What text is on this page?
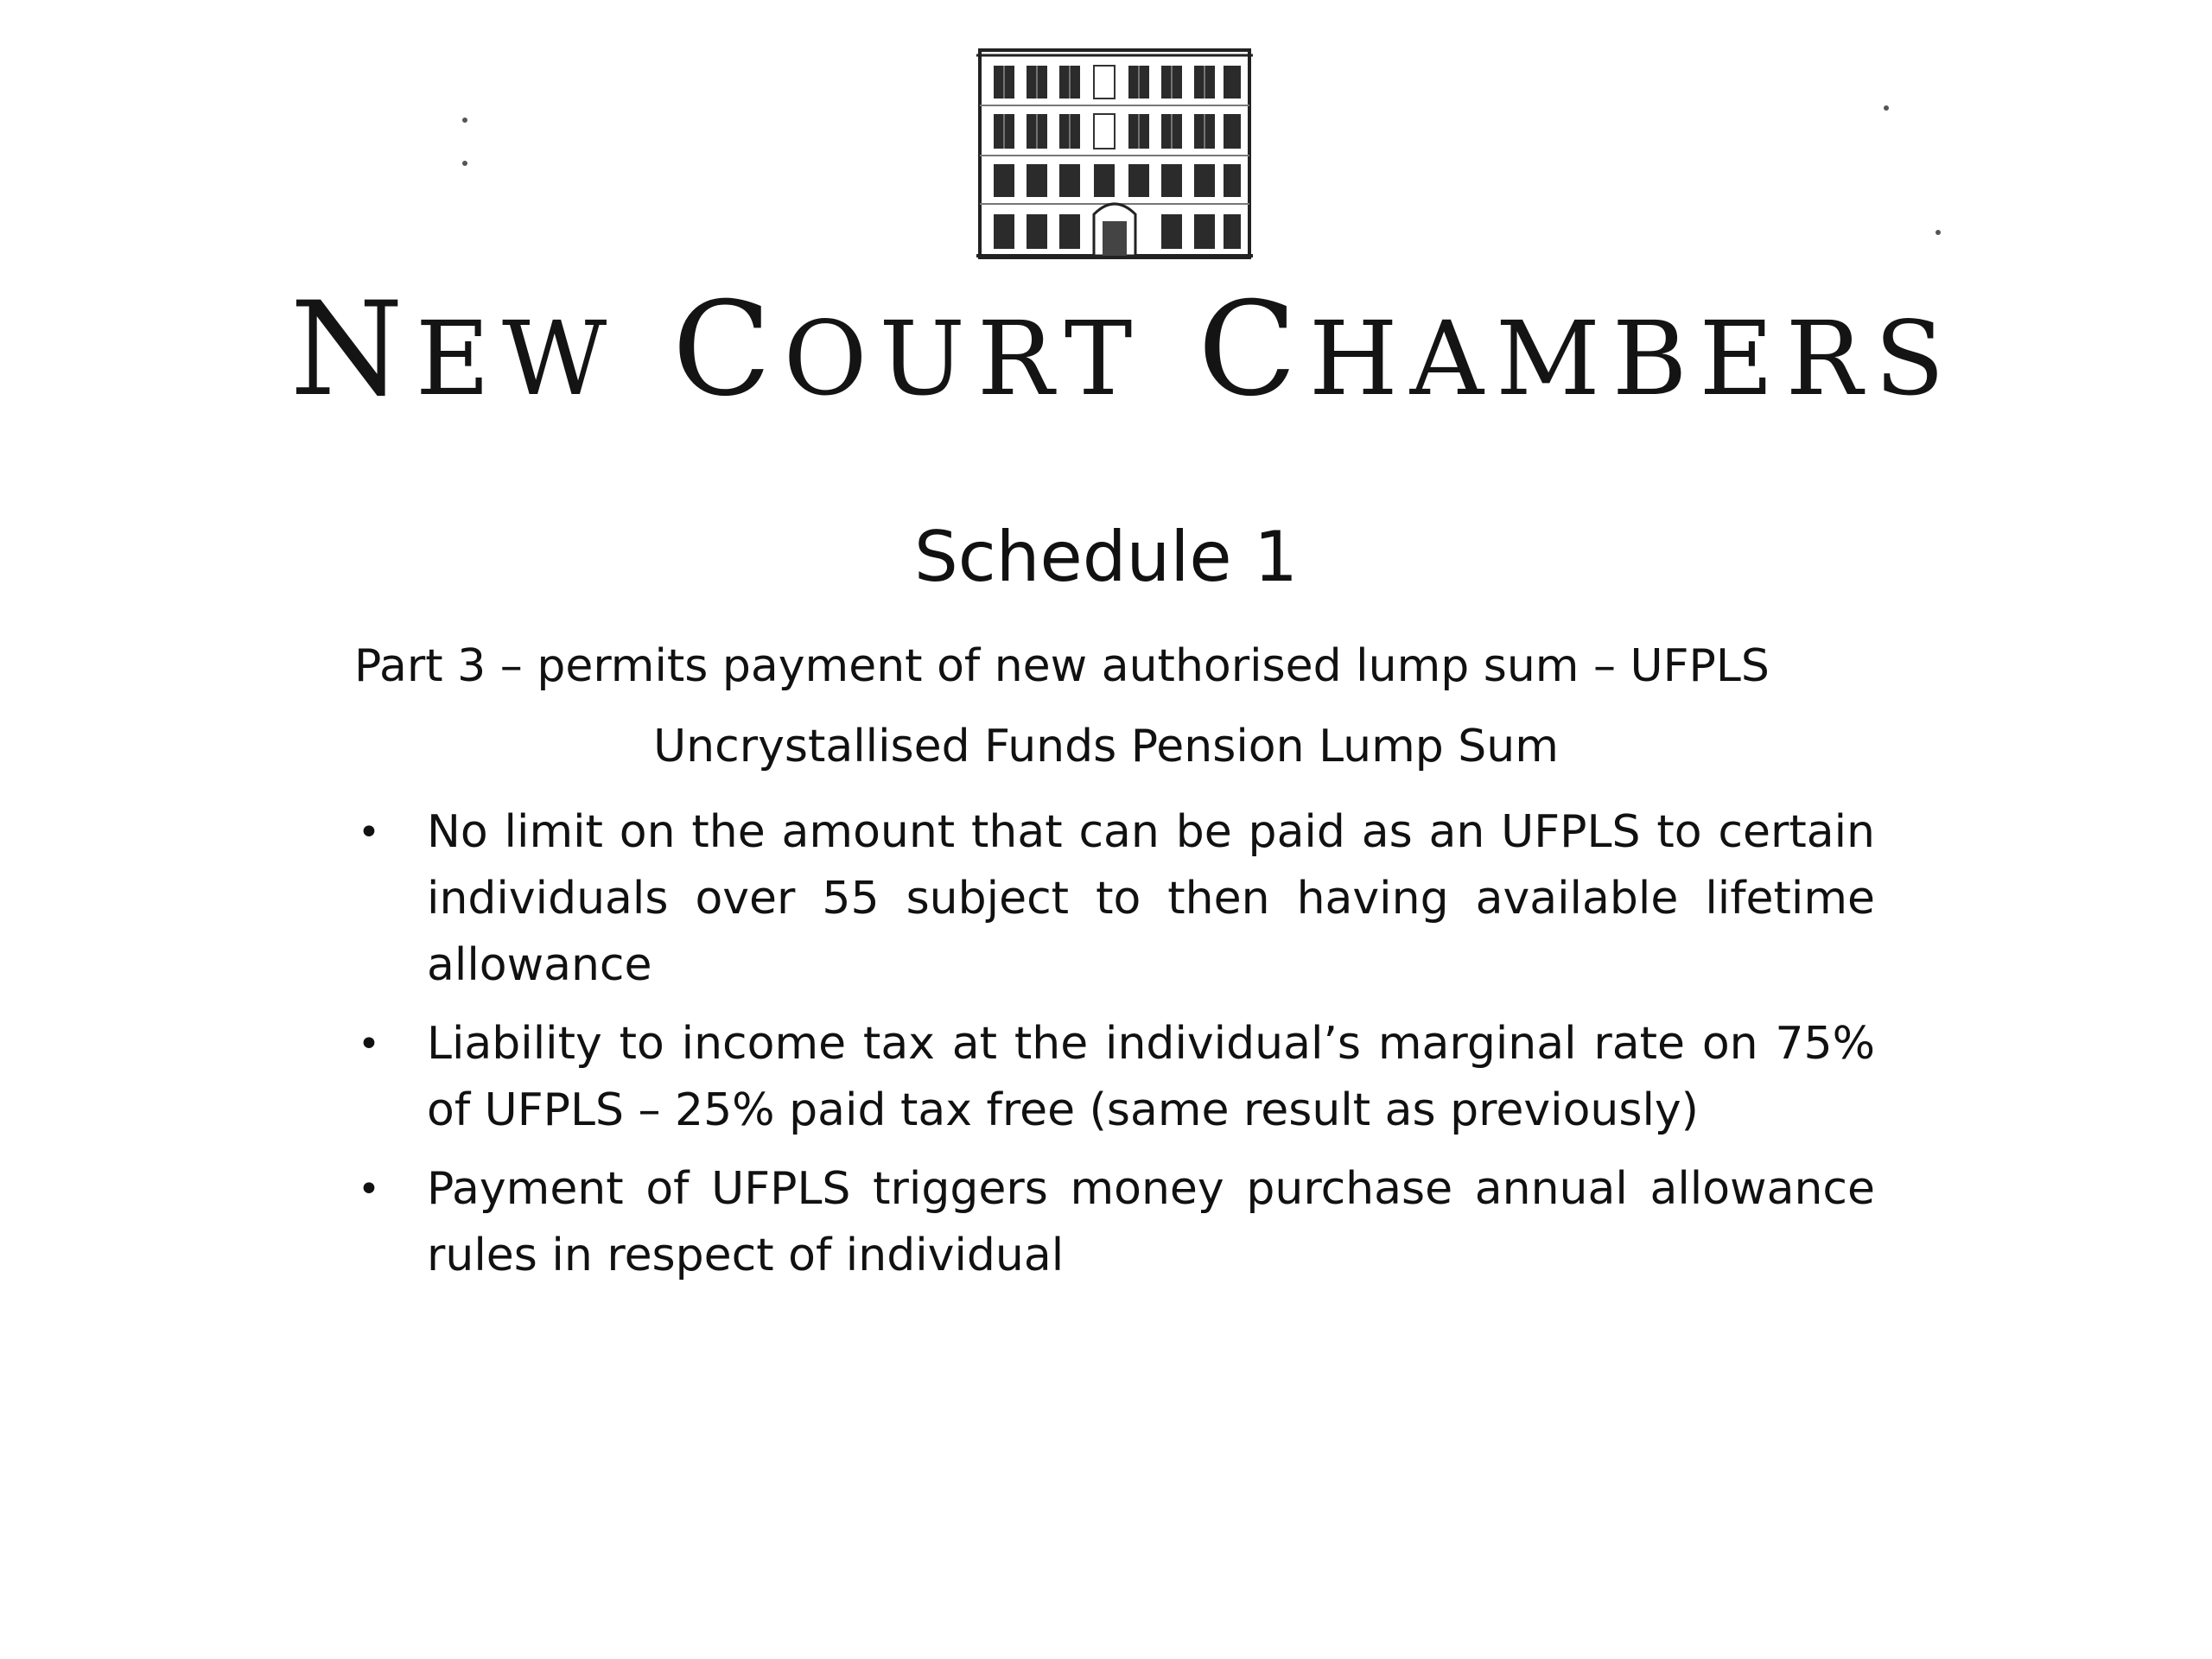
NEW COURT CHAMBERS
Schedule 1
Part 3 – permits payment of new authorised lump sum – UFPLS
Uncrystallised Funds Pension Lump Sum
• No limit on the amount that can be paid as an UFPLS to certain individuals over 55 subject to then having available lifetime allowance
• Liability to income tax at the individual’s marginal rate on 75% of UFPLS – 25% paid tax free (same result as previously)
• Payment of UFPLS triggers money purchase annual allowance rules in respect of individual
